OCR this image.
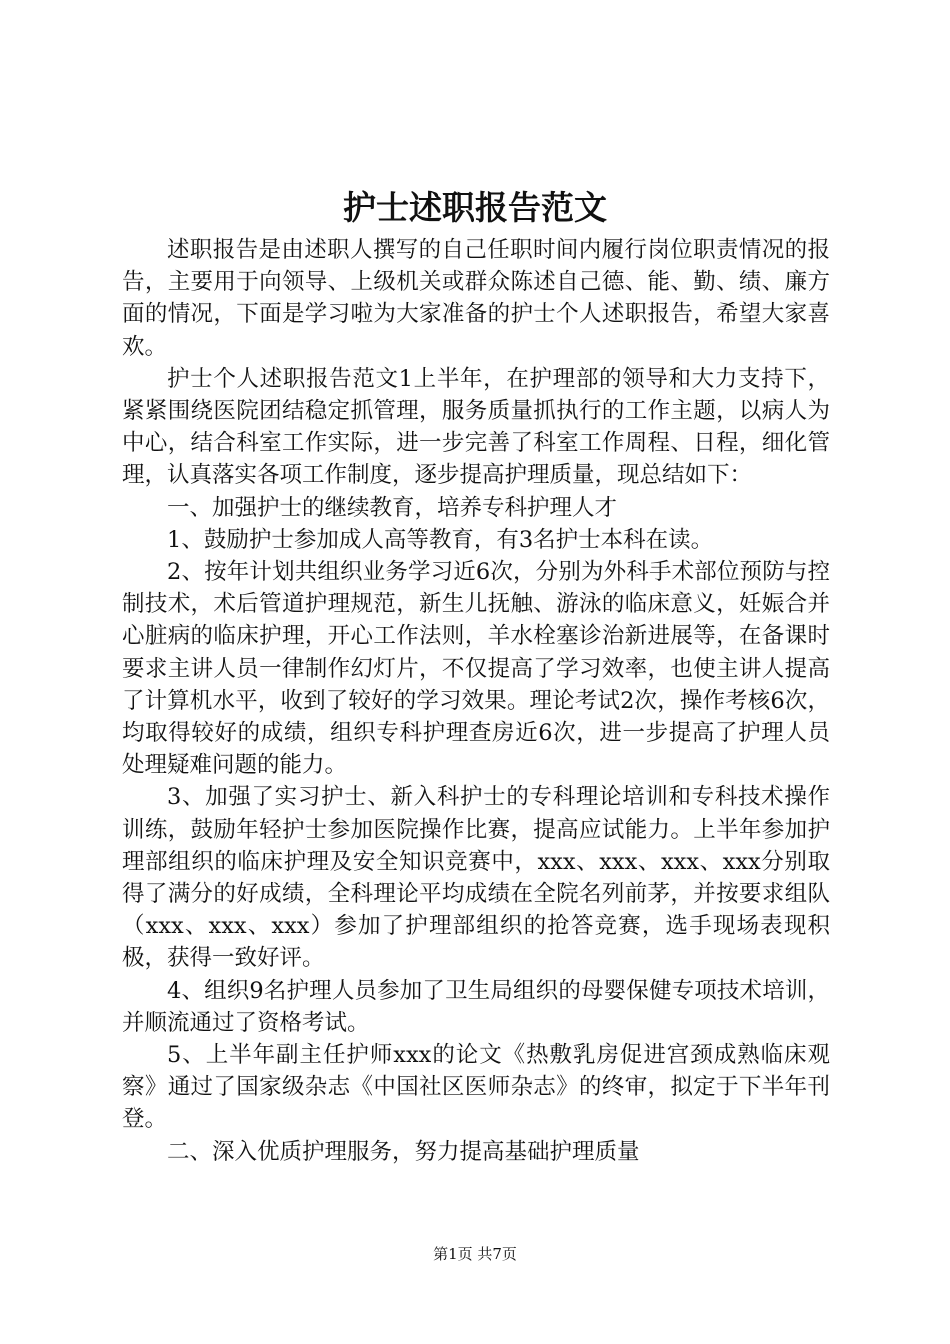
护士述职报告范文

述职报告是由述职人撰写的自己任职时间内履行岗位职责情况的报告，主要用于向领导、上级机关或群众陈述自己德、能、勤、绩、廉方面的情况，下面是学习啦为大家准备的护士个人述职报告，希望大家喜欢。

护士个人述职报告范文1上半年，在护理部的领导和大力支持下，紧紧围绕医院团结稳定抓管理，服务质量抓执行的工作主题，以病人为中心，结合科室工作实际，进一步完善了科室工作周程、日程，细化管理，认真落实各项工作制度，逐步提高护理质量，现总结如下：

一、加强护士的继续教育，培养专科护理人才

1、鼓励护士参加成人高等教育，有3名护士本科在读。

2、按年计划共组织业务学习近6次，分别为外科手术部位预防与控制技术，术后管道护理规范，新生儿抚触、游泳的临床意义，妊娠合并心脏病的临床护理，开心工作法则，羊水栓塞诊治新进展等，在备课时要求主讲人员一律制作幻灯片，不仅提高了学习效率，也使主讲人提高了计算机水平，收到了较好的学习效果。理论考试2次，操作考核6次，均取得较好的成绩，组织专科护理查房近6次，进一步提高了护理人员处理疑难问题的能力。

3、加强了实习护士、新入科护士的专科理论培训和专科技术操作训练，鼓励年轻护士参加医院操作比赛，提高应试能力。上半年参加护理部组织的临床护理及安全知识竞赛中，xxx、xxx、xxx、xxx分别取得了满分的好成绩，全科理论平均成绩在全院名列前茅，并按要求组队（xxx、xxx、xxx）参加了护理部组织的抢答竞赛，选手现场表现积极，获得一致好评。

4、组织9名护理人员参加了卫生局组织的母婴保健专项技术培训，并顺流通过了资格考试。

5、上半年副主任护师xxx的论文《热敷乳房促进宫颈成熟临床观察》通过了国家级杂志《中国社区医师杂志》的终审，拟定于下半年刊登。

二、深入优质护理服务，努力提高基础护理质量

第1页 共7页
